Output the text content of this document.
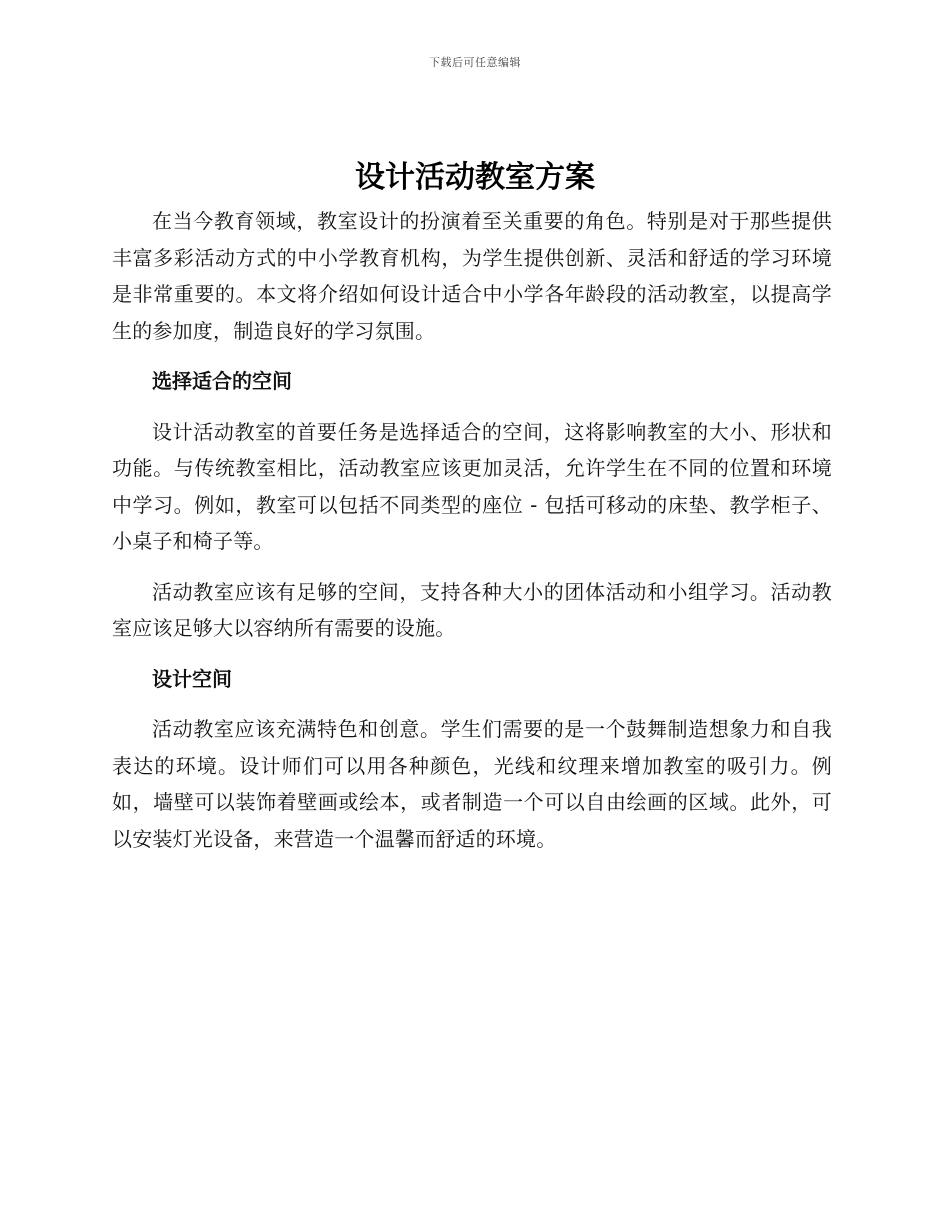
下载后可任意编辑
设计活动教室方案

在当今教育领域，教室设计的扮演着至关重要的角色。特别是对于那些提供丰富多彩活动方式的中小学教育机构，为学生提供创新、灵活和舒适的学习环境是非常重要的。本文将介绍如何设计适合中小学各年龄段的活动教室，以提高学生的参加度，制造良好的学习氛围。

选择适合的空间

设计活动教室的首要任务是选择适合的空间，这将影响教室的大小、形状和功能。与传统教室相比，活动教室应该更加灵活，允许学生在不同的位置和环境中学习。例如，教室可以包括不同类型的座位 - 包括可移动的床垫、教学柜子、小桌子和椅子等。

活动教室应该有足够的空间，支持各种大小的团体活动和小组学习。活动教室应该足够大以容纳所有需要的设施。

设计空间

活动教室应该充满特色和创意。学生们需要的是一个鼓舞制造想象力和自我表达的环境。设计师们可以用各种颜色，光线和纹理来增加教室的吸引力。例如，墙壁可以装饰着壁画或绘本，或者制造一个可以自由绘画的区域。此外，可以安装灯光设备，来营造一个温馨而舒适的环境。
